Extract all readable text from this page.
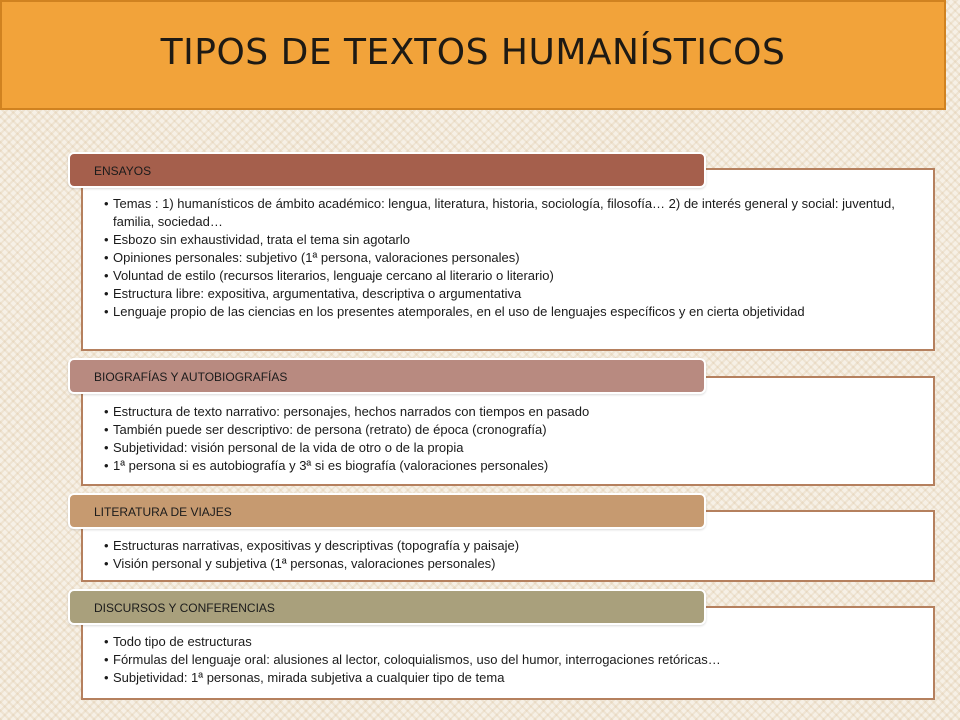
TIPOS DE TEXTOS HUMANÍSTICOS
• Temas : 1) humanísticos de ámbito académico: lengua, literatura, historia, sociología, filosofía… 2) de interés general y social: juventud, familia, sociedad…
• Esbozo sin exhaustividad, trata el tema sin agotarlo
• Opiniones personales: subjetivo (1ª persona, valoraciones personales)
• Voluntad de estilo (recursos literarios, lenguaje cercano al literario o literario)
• Estructura libre: expositiva, argumentativa, descriptiva o argumentativa
• Lenguaje propio de las ciencias en los presentes atemporales, en el uso de lenguajes específicos y en cierta objetividad
ENSAYOS
• Estructura de texto narrativo: personajes, hechos narrados con tiempos en pasado
• También puede ser descriptivo: de persona (retrato) de época (cronografía)
• Subjetividad: visión personal de la vida de otro o de la propia
• 1ª persona si es autobiografía y 3ª si es biografía (valoraciones personales)
BIOGRAFÍAS Y AUTOBIOGRAFÍAS
• Estructuras narrativas, expositivas y descriptivas (topografía y paisaje)
• Visión personal y subjetiva (1ª personas, valoraciones personales)
LITERATURA DE VIAJES
• Todo tipo de estructuras
• Fórmulas del lenguaje oral: alusiones al lector, coloquialismos, uso del humor, interrogaciones retóricas…
• Subjetividad: 1ª personas, mirada subjetiva a cualquier tipo de tema
DISCURSOS Y CONFERENCIAS
